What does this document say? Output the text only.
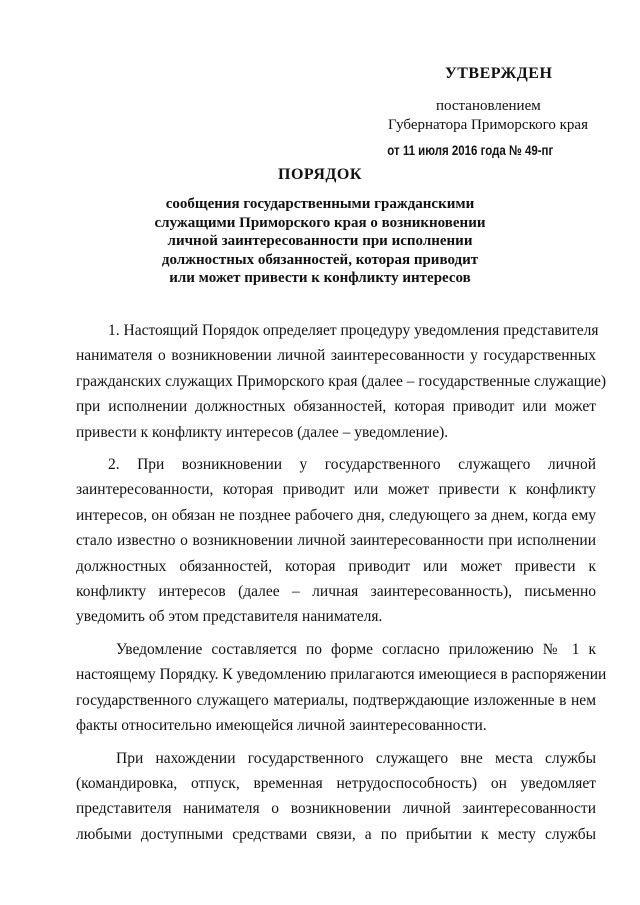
УТВЕРЖДЕН
постановлением
Губернатора Приморского края
от 11 июля 2016 года № 49-пг
ПОРЯДОК
сообщения государственными гражданскими
служащими Приморского края о возникновении
личной заинтересованности при исполнении
должностных обязанностей, которая приводит
или может привести к конфликту интересов

1. Настоящий Порядок определяет процедуру уведомления представителя
нанимателя о возникновении личной заинтересованности у государственных
гражданских служащих Приморского края (далее – государственные служащие)
при исполнении должностных обязанностей, которая приводит или может
привести к конфликту интересов (далее – уведомление).

2. При возникновении у государственного служащего личной
заинтересованности, которая приводит или может привести к конфликту
интересов, он обязан не позднее рабочего дня, следующего за днем, когда ему
стало известно о возникновении личной заинтересованности при исполнении
должностных обязанностей, которая приводит или может привести к
конфликту интересов (далее – личная заинтересованность), письменно
уведомить об этом представителя нанимателя.

Уведомление составляется по форме согласно приложению № 1 к
настоящему Порядку. К уведомлению прилагаются имеющиеся в распоряжении
государственного служащего материалы, подтверждающие изложенные в нем
факты относительно имеющейся личной заинтересованности.

При нахождении государственного служащего вне места службы
(командировка, отпуск, временная нетрудоспособность) он уведомляет
представителя нанимателя о возникновении личной заинтересованности
любыми доступными средствами связи, а по прибытии к месту службы
